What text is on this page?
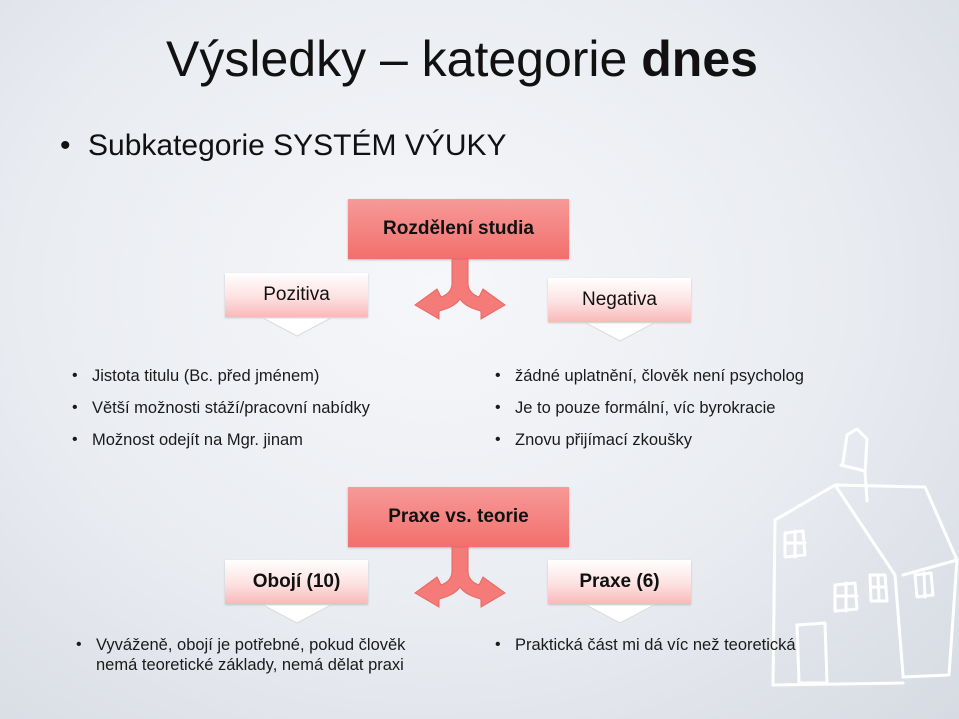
Výsledky – kategorie dnes
• Subkategorie SYSTÉM VÝUKY
Rozdělení studia
Pozitiva	Negativa
• Jistota titulu (Bc. před jménem)
• Větší možnosti stáží/pracovní nabídky
• Možnost odejít na Mgr. jinam
• žádné uplatnění, člověk není psycholog
• Je to pouze formální, víc byrokracie
• Znovu přijímací zkoušky
Praxe vs. teorie
Obojí (10)	Praxe (6)
• Vyváženě, obojí je potřebné, pokud člověk
nemá teoretické základy, nemá dělat praxi
• Praktická část mi dá víc než teoretická
